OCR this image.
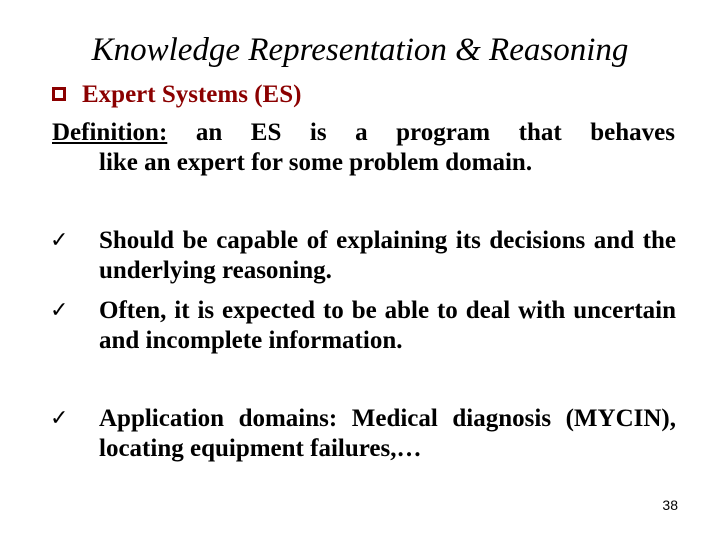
Knowledge Representation & Reasoning
Expert Systems (ES)
Definition: an ES is a program that behaves
like an expert for some problem domain.
✓	Should be capable of explaining its decisions and the underlying reasoning.
✓	Often, it is expected to be able to deal with uncertain and incomplete information.
✓	Application domains: Medical diagnosis (MYCIN), locating equipment failures,…
38
